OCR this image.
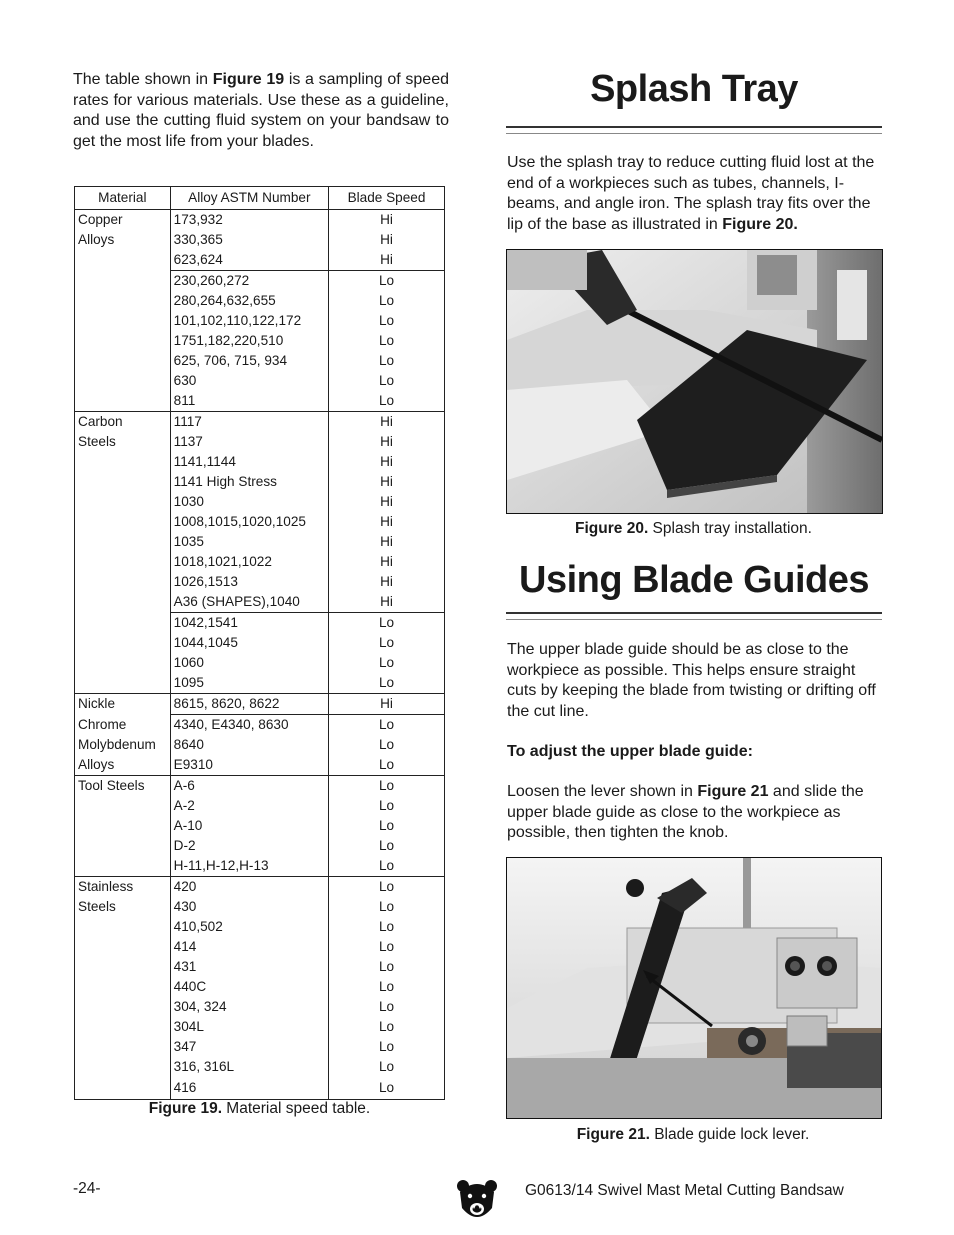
The table shown in Figure 19 is a sampling of speed rates for various materials. Use these as a guideline, and use the cutting fluid system on your bandsaw to get the most life from your blades.
Material	Alloy ASTM Number	Blade Speed
Copper	173,932	Hi
Alloys	330,365	Hi
	623,624	Hi
	230,260,272	Lo
	280,264,632,655	Lo
	101,102,110,122,172	Lo
	1751,182,220,510	Lo
	625, 706, 715, 934	Lo
	630	Lo
	811	Lo
Carbon	1117	Hi
Steels	1137	Hi
	1141,1144	Hi
	1141 High Stress	Hi
	1030	Hi
	1008,1015,1020,1025	Hi
	1035	Hi
	1018,1021,1022	Hi
	1026,1513	Hi
	A36 (SHAPES),1040	Hi
	1042,1541	Lo
	1044,1045	Lo
	1060	Lo
	1095	Lo
Nickle	8615, 8620, 8622	Hi
Chrome	4340, E4340, 8630	Lo
Molybdenum	8640	Lo
Alloys	E9310	Lo
Tool Steels	A-6	Lo
	A-2	Lo
	A-10	Lo
	D-2	Lo
	H-11,H-12,H-13	Lo
Stainless	420	Lo
Steels	430	Lo
	410,502	Lo
	414	Lo
	431	Lo
	440C	Lo
	304, 324	Lo
	304L	Lo
	347	Lo
	316, 316L	Lo
	416	Lo
Figure 19. Material speed table.
Splash Tray
Use the splash tray to reduce cutting fluid lost at the end of a workpieces such as tubes, channels, I-beams, and angle iron. The splash tray fits over the lip of the base as illustrated in Figure 20.
Figure 20. Splash tray installation.
Using Blade Guides
The upper blade guide should be as close to the workpiece as possible. This helps ensure straight cuts by keeping the blade from twisting or drifting off the cut line.
To adjust the upper blade guide:
Loosen the lever shown in Figure 21 and slide the upper blade guide as close to the workpiece as possible, then tighten the knob.
Figure 21. Blade guide lock lever.
-24-	G0613/14 Swivel Mast Metal Cutting Bandsaw
